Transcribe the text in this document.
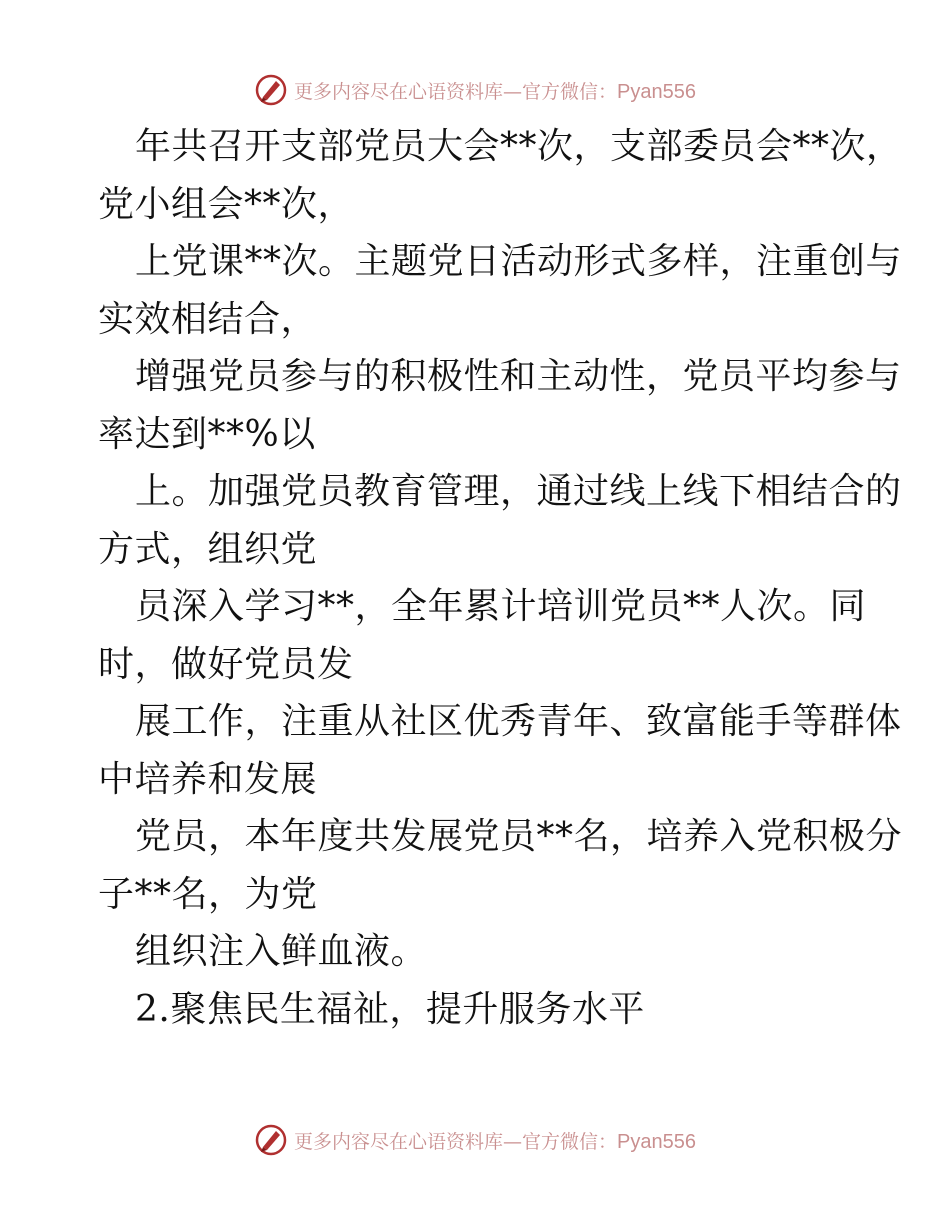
更多内容尽在心语资料库—官方微信：Pyan556
年共召开支部党员大会**次，支部委员会**次，
党小组会**次，
上党课**次。主题党日活动形式多样，注重创与
实效相结合，
增强党员参与的积极性和主动性，党员平均参与
率达到**%以
上。加强党员教育管理，通过线上线下相结合的
方式，组织党
员深入学习**，全年累计培训党员**人次。同
时，做好党员发
展工作，注重从社区优秀青年、致富能手等群体
中培养和发展
党员，本年度共发展党员**名，培养入党积极分
子**名，为党
组织注入鲜血液。
2.聚焦民生福祉，提升服务水平
更多内容尽在心语资料库—官方微信：Pyan556
